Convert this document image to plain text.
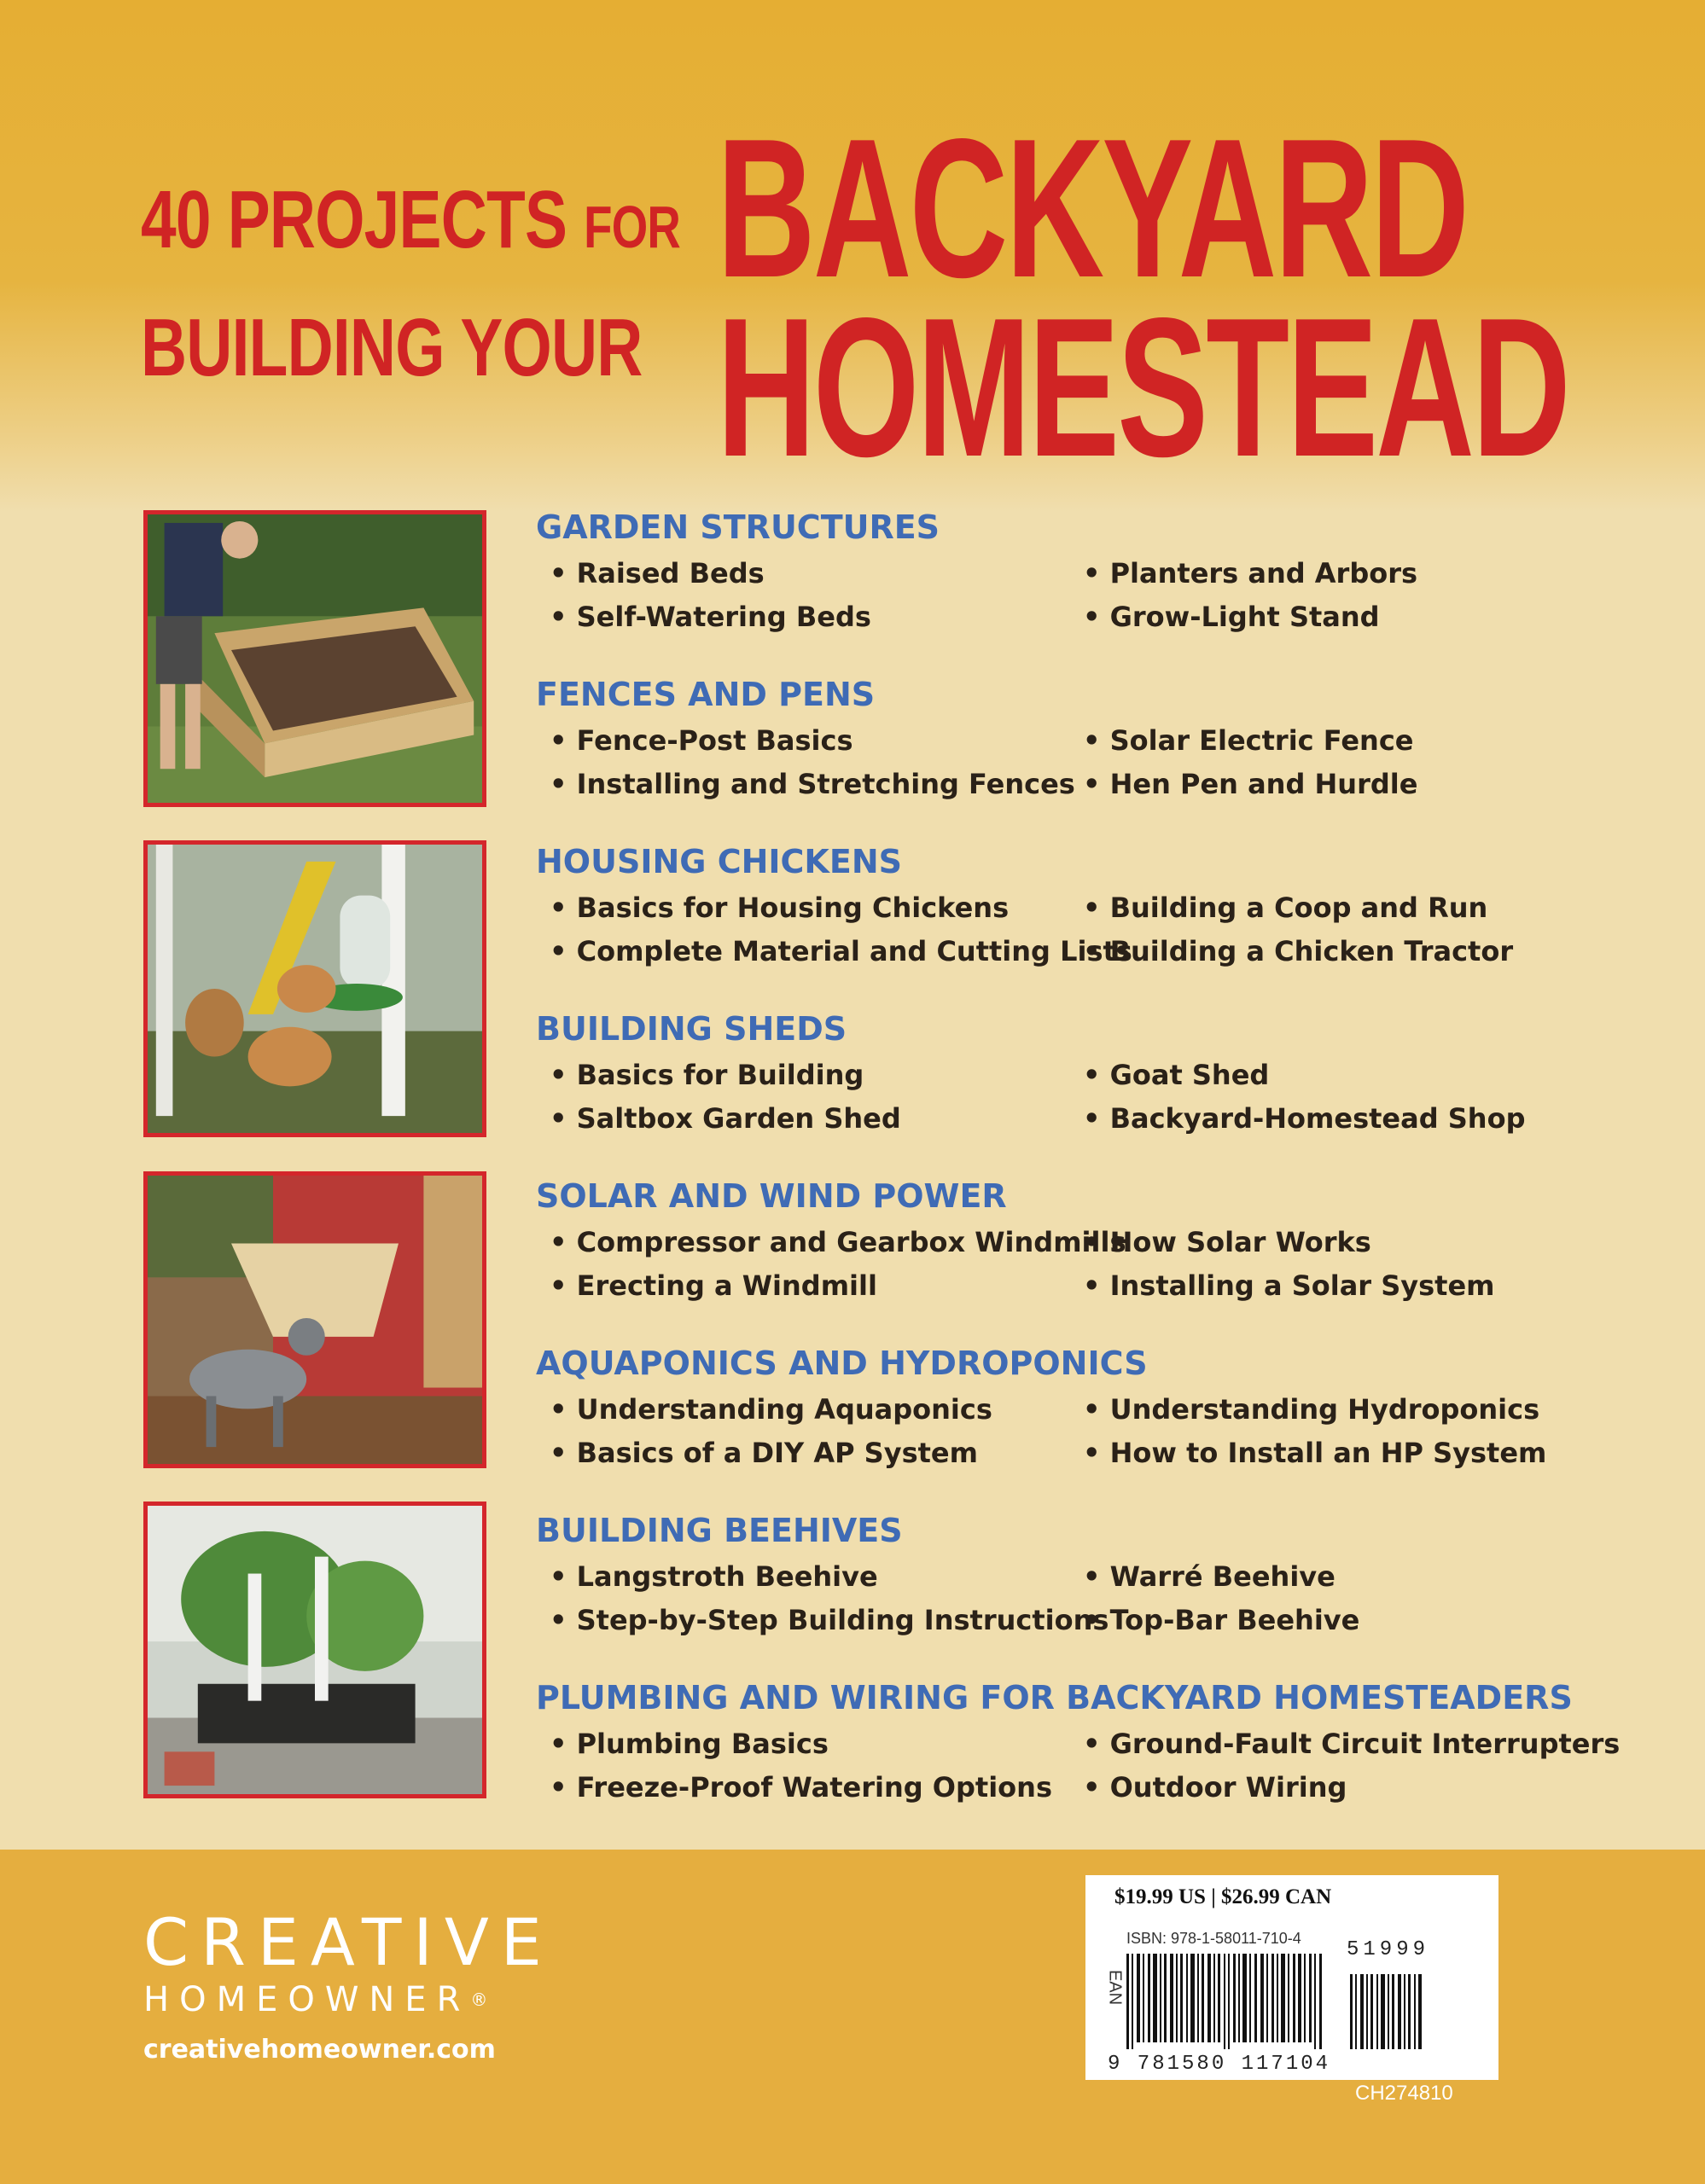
40 PROJECTS FOR
BUILDING YOUR
BACKYARD
HOMESTEAD
GARDEN STRUCTURES
• Raised Beds
• Self-Watering Beds
• Planters and Arbors
• Grow-Light Stand
FENCES AND PENS
• Fence-Post Basics
• Installing and Stretching Fences
• Solar Electric Fence
• Hen Pen and Hurdle
HOUSING CHICKENS
• Basics for Housing Chickens
• Complete Material and Cutting Lists
• Building a Coop and Run
• Building a Chicken Tractor
BUILDING SHEDS
• Basics for Building
• Saltbox Garden Shed
• Goat Shed
• Backyard-Homestead Shop
SOLAR AND WIND POWER
• Compressor and Gearbox Windmills
• Erecting a Windmill
• How Solar Works
• Installing a Solar System
AQUAPONICS AND HYDROPONICS
• Understanding Aquaponics
• Basics of a DIY AP System
• Understanding Hydroponics
• How to Install an HP System
BUILDING BEEHIVES
• Langstroth Beehive
• Step-by-Step Building Instructions
• Warré Beehive
• Top-Bar Beehive
PLUMBING AND WIRING FOR BACKYARD HOMESTEADERS
• Plumbing Basics
• Freeze-Proof Watering Options
• Ground-Fault Circuit Interrupters
• Outdoor Wiring
CREATIVE
HOMEOWNER®
creativehomeowner.com
$19.99 US | $26.99 CAN
ISBN: 978-1-58011-710-4 51999
EAN
9 781580 117104
CH274810
